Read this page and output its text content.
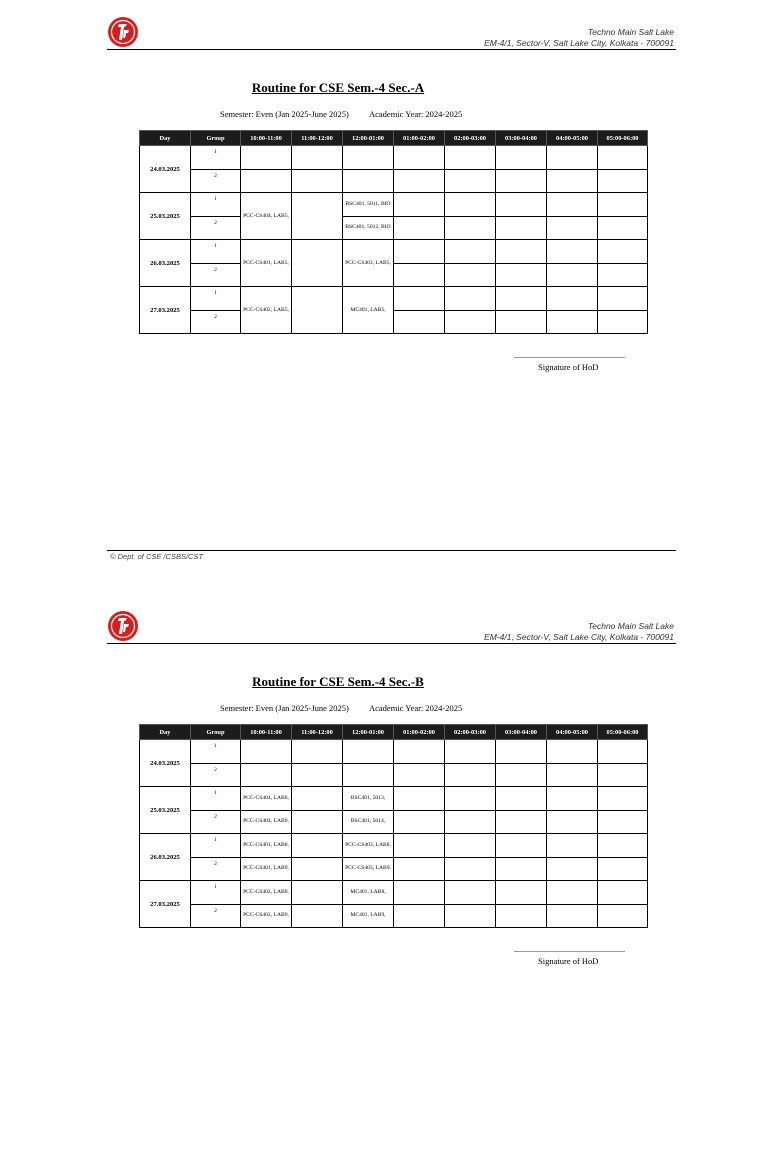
Techno Main Salt Lake
EM-4/1, Sector-V, Salt Lake City, Kolkata - 700091
Routine for CSE Sem.-4 Sec.-A
Semester: Even (Jan 2025-June 2025) Academic Year: 2024-2025
Day	Group	10:00-11:00	11:00-12:00	12:00-01:00	01:00-02:00	02:00-03:00	03:00-04:00	04:00-05:00	05:00-06:00
24.03.2025	1								
	2								
25.03.2025	1	PCC-CS404, LAB5,		BSC401, 5011, BIO					
	2			BSC401, 5012, BIO					
26.03.2025	1	PCC-CS401, LAB5,		PCC-CS403, LAB5,					
	2								
27.03.2025	1	PCC-CS402, LAB5,		MC401, LAB5,					
	2								
Signature of HoD
© Dept. of CSE /CSBS/CST
Techno Main Salt Lake
EM-4/1, Sector-V, Salt Lake City, Kolkata - 700091
Routine for CSE Sem.-4 Sec.-B
Semester: Even (Jan 2025-June 2025) Academic Year: 2024-2025
Day	Group	10:00-11:00	11:00-12:00	12:00-01:00	01:00-02:00	02:00-03:00	03:00-04:00	04:00-05:00	05:00-06:00
24.03.2025	1								
	2								
25.03.2025	1	PCC-CS404, LAB8,		BSC401, 5013,					
	2	PCC-CS404, LAB9,		BSC401, 5014,					
26.03.2025	1	PCC-CS401, LAB8,		PCC-CS403, LAB8,					
	2	PCC-CS401, LAB9,		PCC-CS403, LAB9,					
27.03.2025	1	PCC-CS402, LAB8,		MC401, LAB8,					
	2	PCC-CS402, LAB9,		MC401, LAB9,					
Signature of HoD
